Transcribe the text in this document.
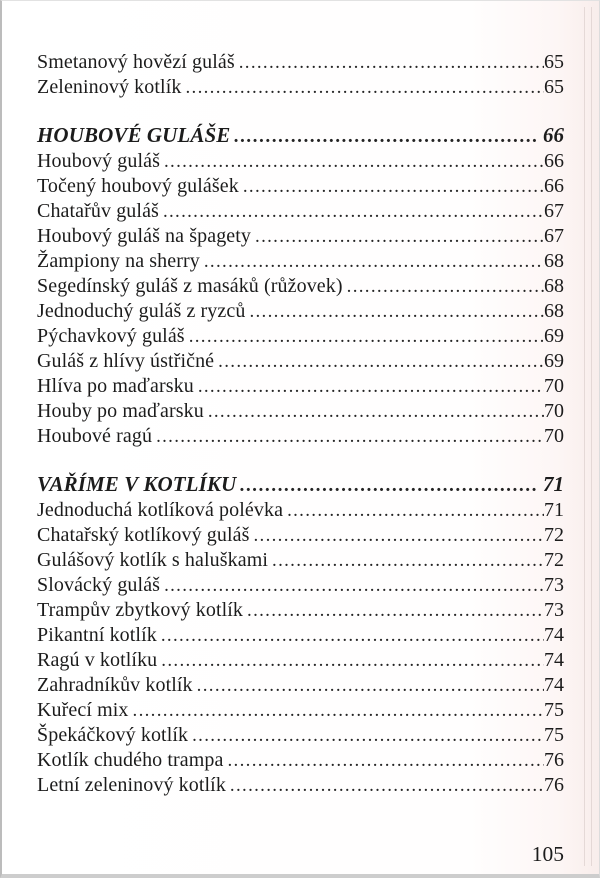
Smetanový hovězí guláš .....	65
Zeleninový kotlík .....	65
HOUBOVÉ GULÁŠE .....	66
Houbový guláš .....	66
Točený houbový gulášek .....	66
Chatařův guláš .....	67
Houbový guláš na špagety .....	67
Žampiony na sherry .....	68
Segedínský guláš z masáků (růžovek) .....	68
Jednoduchý guláš z ryzců .....	68
Pýchavkový guláš .....	69
Guláš z hlívy ústřičné .....	69
Hlíva po maďarsku .....	70
Houby po maďarsku .....	70
Houbové ragú .....	70
VAŘÍME V KOTLÍKU .....	71
Jednoduchá kotlíková polévka .....	71
Chatařský kotlíkový guláš .....	72
Gulášový kotlík s haluškami .....	72
Slovácký guláš .....	73
Trampův zbytkový kotlík .....	73
Pikantní kotlík .....	74
Ragú v kotlíku .....	74
Zahradníkův kotlík .....	74
Kuřecí mix .....	75
Špekáčkový kotlík .....	75
Kotlík chudého trampa .....	76
Letní zeleninový kotlík .....	76
105
